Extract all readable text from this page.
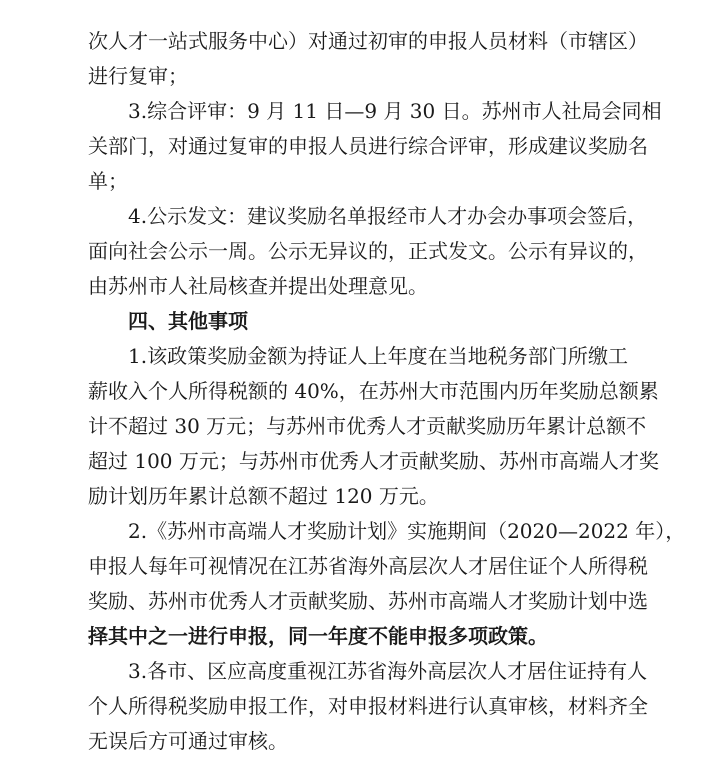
次人才一站式服务中心）对通过初审的申报人员材料（市辖区）
进行复审；
3.综合评审：9 月 11 日—9 月 30 日。苏州市人社局会同相
关部门，对通过复审的申报人员进行综合评审，形成建议奖励名
单；
4.公示发文：建议奖励名单报经市人才办会办事项会签后，
面向社会公示一周。公示无异议的，正式发文。公示有异议的，
由苏州市人社局核查并提出处理意见。
四、其他事项
1.该政策奖励金额为持证人上年度在当地税务部门所缴工
薪收入个人所得税额的 40%，在苏州大市范围内历年奖励总额累
计不超过 30 万元；与苏州市优秀人才贡献奖励历年累计总额不
超过 100 万元；与苏州市优秀人才贡献奖励、苏州市高端人才奖
励计划历年累计总额不超过 120 万元。
2.《苏州市高端人才奖励计划》实施期间（2020—2022 年），
申报人每年可视情况在江苏省海外高层次人才居住证个人所得税
奖励、苏州市优秀人才贡献奖励、苏州市高端人才奖励计划中选
择其中之一进行申报，同一年度不能申报多项政策。
3.各市、区应高度重视江苏省海外高层次人才居住证持有人
个人所得税奖励申报工作，对申报材料进行认真审核，材料齐全
无误后方可通过审核。
